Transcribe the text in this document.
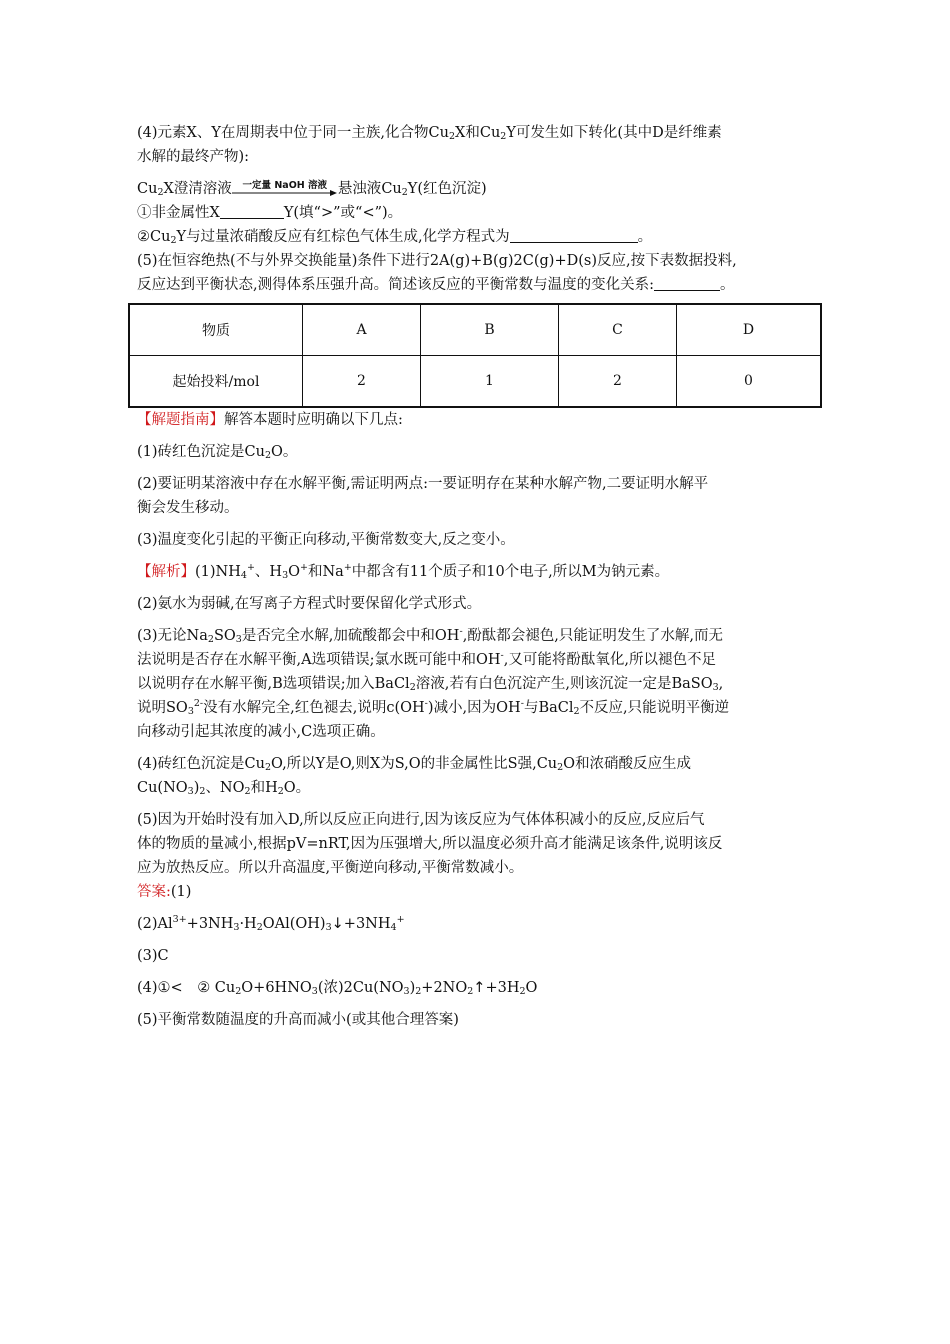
(4)元素X、Y在周期表中位于同一主族,化合物$Cu_2X$和$Cu_2Y$可发生如下转化(其中D是纤维素
水解的最终产物):
$Cu_2X$澄清溶液	一定量 NaOH 溶液 悬浊液$Cu_2Y$(红色沉淀)
①非金属性X	Y(填“>”或“<”)。
$②Cu_2Y$与过量浓硝酸反应有红棕色气体生成,化学方程式为	。
(5)在恒容绝热(不与外界交换能量)条件下进行2A(g)+B(g)2C(g)+D(s)反应,按下表数据投料,
反应达到平衡状态,测得体系压强升高。简述该反应的平衡常数与温度的变化关系:	。
物质	A	B	C	D
起始投料/mol	2	1	2	0
【解题指南】解答本题时应明确以下几点:
(1)砖红色沉淀是$Cu_2O$。
(2)要证明某溶液中存在水解平衡,需证明两点:一要证明存在某种水解产物,二要证明水解平
衡会发生移动。
(3)温度变化引起的平衡正向移动,平衡常数变大,反之变小。
【解析】$(1)NH_4^+$、$H_3O^+$和Na+中都含有11个质子和10个电子,所以M为钠元素。
(2)氨水为弱碱,在写离子方程式时要保留化学式形式。
(3)无论$Na_2SO_3$是否完全水解,加硫酸都会中和OH-,酚酞都会褪色,只能证明发生了水解,而无
法说明是否存在水解平衡,A选项错误;氯水既可能中和OH-,又可能将酚酞氧化,所以褪色不足
以说明存在水解平衡,B选项错误;加入BaCl$_2$溶液,若有白色沉淀产生,则该沉淀一定是BaSO$_3$,
说明$SO_3^{2-}$没有水解完全,红色褪去,说明c(OH-)减小,因为OH-与BaCl$_2$不反应,只能说明平衡逆
向移动引起其浓度的减小,C选项正确。
(4)砖红色沉淀是$Cu_2O$,所以Y是O,则X为S,O的非金属性比S强$,Cu_2O$和浓硝酸反应生成
$Cu(NO_3)_2$、$NO_2$和$H_2O$。
(5)因为开始时没有加入D,所以反应正向进行,因为该反应为气体体积减小的反应,反应后气
体的物质的量减小,根据pV=nRT,因为压强增大,所以温度必须升高才能满足该条件,说明该反
应为放热反应。所以升高温度,平衡逆向移动,平衡常数减小。
答案:(1)
$(2)Al^{3+}+3NH_3\cdot H_2OAl(OH)_3↓+3NH_4^+$
(3)C
(4)①<　② $Cu_2O+6HNO_3$(浓)$2Cu(NO_3)_2+2NO_2↑+3H_2O$
(5)平衡常数随温度的升高而减小(或其他合理答案)
